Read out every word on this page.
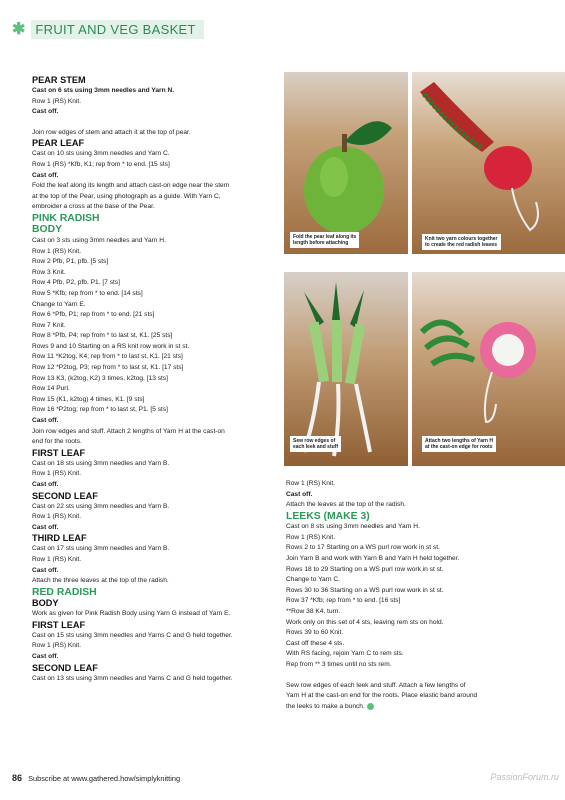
✱ FRUIT AND VEG BASKET

PEAR STEM

Cast on 6 sts using 3mm needles and Yarn N.

Row 1 (RS) Knit.

Cast off.

Join row edges of stem and attach it at the top of pear.

PEAR LEAF

Cast on 10 sts using 3mm needles and Yarn C.

Row 1 (RS) *Kfb, K1; rep from * to end. [15 sts]

Cast off.

Fold the leaf along its length and attach cast-on edge near the stem

at the top of the Pear, using photograph as a guide. With Yarn C,

embroider a cross at the base of the Pear.

PINK RADISH

BODY

Cast on 3 sts using 3mm needles and Yarn H.

Row 1 (RS) Knit.

Row 2 Pfb, P1, pfb. [5 sts]

Row 3 Knit.

Row 4 Pfb, P2, pfb, P1. [7 sts]

Row 5 *Kfb; rep from * to end. [14 sts]

Change to Yarn E.

Row 6 *Pfb, P1; rep from * to end. [21 sts]

Row 7 Knit.

Row 8 *Pfb, P4; rep from * to last st, K1. [25 sts]

Rows 9 and 10 Starting on a RS knit row work in st st.

Row 11 *K2tog, K4; rep from * to last st, K1. [21 sts]

Row 12 *P2tog, P3; rep from * to last st, K1. [17 sts]

Row 13 K3, (k2tog, K2) 3 times, k2tog. [13 sts]

Row 14 Purl.

Row 15 (K1, k2tog) 4 times, K1. [9 sts]

Row 16 *P2tog; rep from * to last st, P1. [5 sts]

Cast off.

Join row edges and stuff. Attach 2 lengths of Yarn H at the cast-on

end for the roots.

FIRST LEAF

Cast on 18 sts using 3mm needles and Yarn B.

Row 1 (RS) Knit.

Cast off.

SECOND LEAF

Cast on 22 sts using 3mm needles and Yarn B.

Row 1 (RS) Knit.

Cast off.

THIRD LEAF

Cast on 17 sts using 3mm needles and Yarn B.

Row 1 (RS) Knit.

Cast off.

Attach the three leaves at the top of the radish.

RED RADISH

BODY

Work as given for Pink Radish Body using Yarn G instead of Yarn E.

FIRST LEAF

Cast on 15 sts using 3mm needles and Yarns C and G held together.

Row 1 (RS) Knit.

Cast off.

SECOND LEAF

Cast on 13 sts using 3mm needles and Yarns C and G held together.

Fold the pear leaf along its
length before attaching
Knit two yarn colours together
to create the red radish leaves
Sew row edges of
each leek and stuff
Attach two lengths of Yarn H
at the cast-on edge for roots

Row 1 (RS) Knit.

Cast off.

Attach the leaves at the top of the radish.

LEEKS (MAKE 3)

Cast on 8 sts using 3mm needles and Yarn H.

Row 1 (RS) Knit.

Rows 2 to 17 Starting on a WS purl row work in st st.

Join Yarn B and work with Yarn B and Yarn H held together.

Rows 18 to 29 Starting on a WS purl row work in st st.

Change to Yarn C.

Rows 30 to 36 Starting on a WS purl row work in st st.

Row 37 *Kfb; rep from * to end. [16 sts]

**Row 38 K4, turn.

Work only on this set of 4 sts, leaving rem sts on hold.

Rows 39 to 60 Knit.

Cast off these 4 sts.

With RS facing, rejoin Yarn C to rem sts.

Rep from ** 3 times until no sts rem.

Sew row edges of each leek and stuff. Attach a few lengths of

Yarn H at the cast-on end for the roots. Place elastic band around

the leeks to make a bunch.

86 Subscribe at www.gathered.how/simplyknitting	PassionForum.ru
